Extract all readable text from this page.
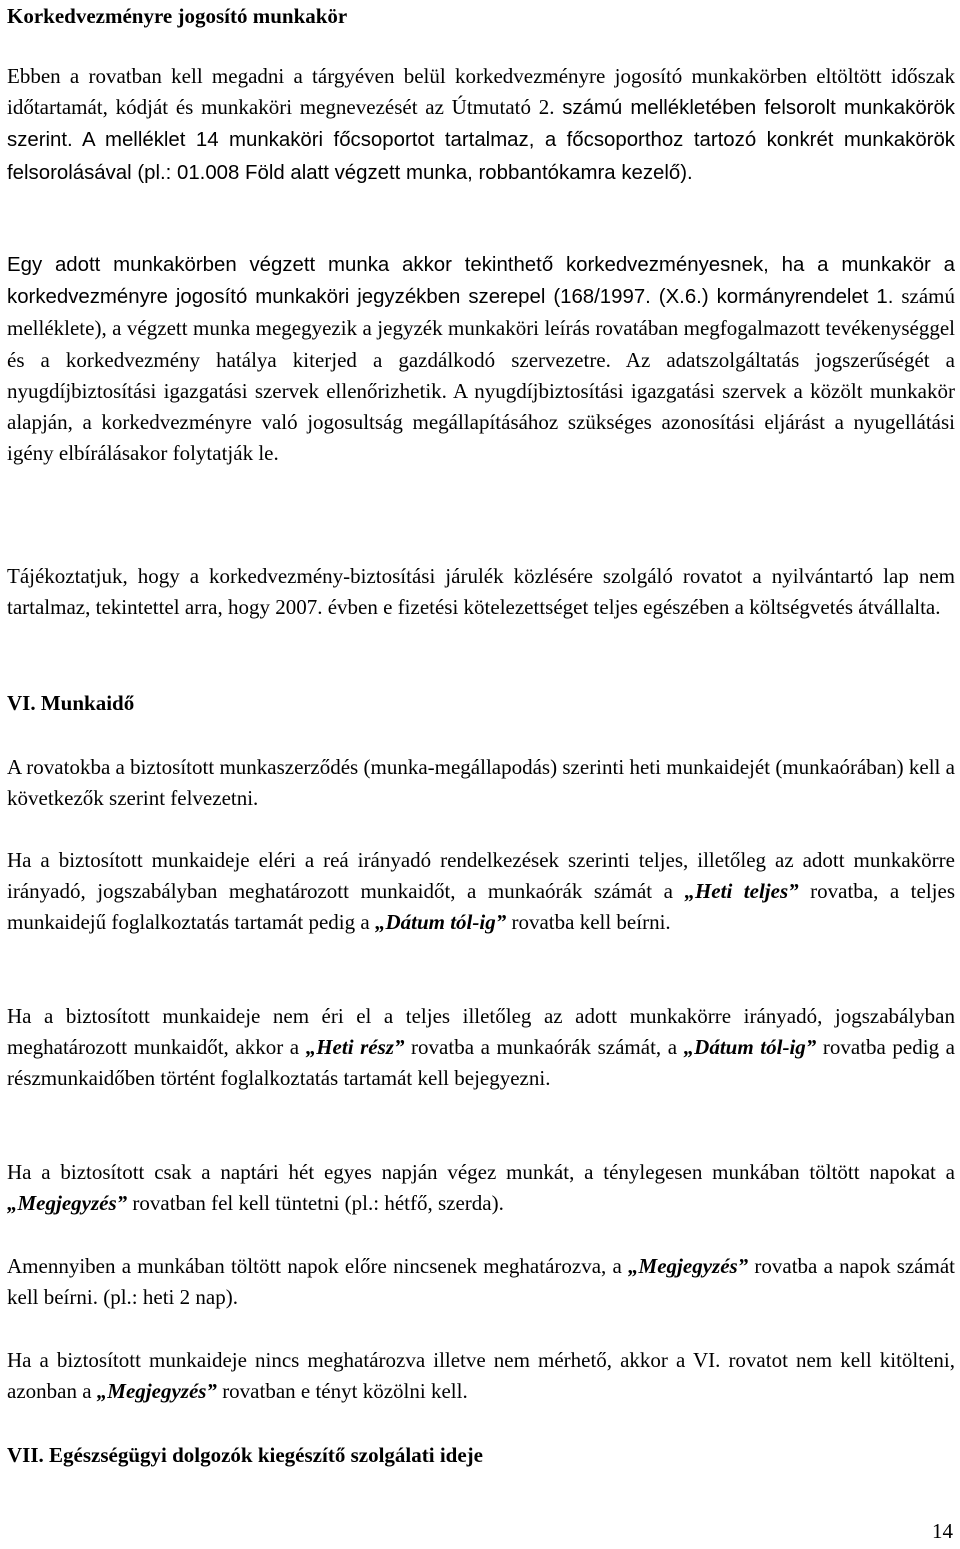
Korkedvezményre jogosító munkakör

Ebben a rovatban kell megadni a tárgyéven belül korkedvezményre jogosító munkakörben eltöltött időszak időtartamát, kódját és munkaköri megnevezését az Útmutató 2. számú mellékletében felsorolt munkakörök szerint. A melléklet 14 munkaköri főcsoportot tartalmaz, a főcsoporthoz tartozó konkrét munkakörök felsorolásával (pl.: 01.008 Föld alatt végzett munka, robbantókamra kezelő).

Egy adott munkakörben végzett munka akkor tekinthető korkedvezményesnek, ha a munkakör a korkedvezményre jogosító munkaköri jegyzékben szerepel (168/1997. (X.6.) kormányrendelet 1. számú melléklete), a végzett munka megegyezik a jegyzék munkaköri leírás rovatában megfogalmazott tevékenységgel és a korkedvezmény hatálya kiterjed a gazdálkodó szervezetre. Az adatszolgáltatás jogszerűségét a nyugdíjbiztosítási igazgatási szervek ellenőrizhetik. A nyugdíjbiztosítási igazgatási szervek a közölt munkakör alapján, a korkedvezményre való jogosultság megállapításához szükséges azonosítási eljárást a nyugellátási igény elbírálásakor folytatják le.

Tájékoztatjuk, hogy a korkedvezmény-biztosítási járulék közlésére szolgáló rovatot a nyilvántartó lap nem tartalmaz, tekintettel arra, hogy 2007. évben e fizetési kötelezettséget teljes egészében a költségvetés átvállalta.

VI. Munkaidő

A rovatokba a biztosított munkaszerződés (munka-megállapodás) szerinti heti munkaidejét (munkaórában) kell a következők szerint felvezetni.

Ha a biztosított munkaideje eléri a reá irányadó rendelkezések szerinti teljes, illetőleg az adott munkakörre irányadó, jogszabályban meghatározott munkaidőt, a munkaórák számát a „Heti teljes” rovatba, a teljes munkaidejű foglalkoztatás tartamát pedig a „Dátum tól-ig” rovatba kell beírni.

Ha a biztosított munkaideje nem éri el a teljes illetőleg az adott munkakörre irányadó, jogszabályban meghatározott munkaidőt, akkor a „Heti rész” rovatba a munkaórák számát, a „Dátum tól-ig” rovatba pedig a részmunkaidőben történt foglalkoztatás tartamát kell bejegyezni.

Ha a biztosított csak a naptári hét egyes napján végez munkát, a ténylegesen munkában töltött napokat a „Megjegyzés” rovatban fel kell tüntetni (pl.: hétfő, szerda).

Amennyiben a munkában töltött napok előre nincsenek meghatározva, a „Megjegyzés” rovatba a napok számát kell beírni. (pl.: heti 2 nap).

Ha a biztosított munkaideje nincs meghatározva illetve nem mérhető, akkor a VI. rovatot nem kell kitölteni, azonban a „Megjegyzés” rovatban e tényt közölni kell.

VII. Egészségügyi dolgozók kiegészítő szolgálati ideje
14
